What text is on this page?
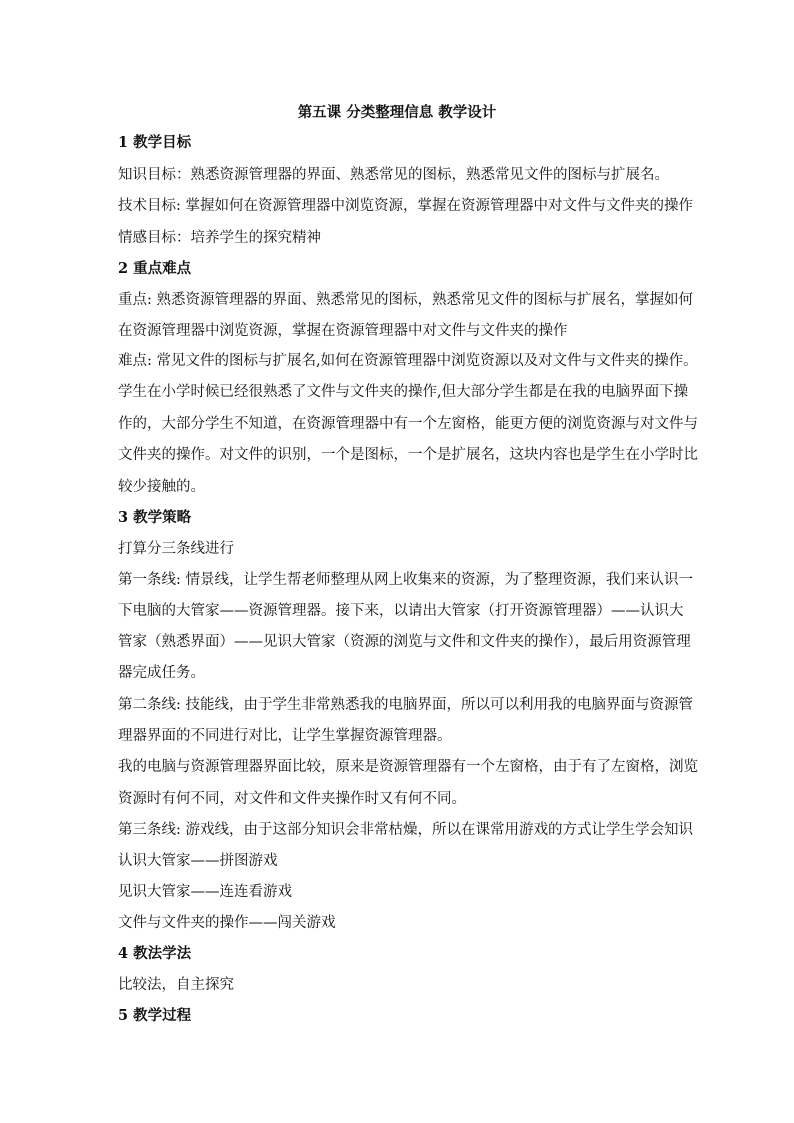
第五课 分类整理信息 教学设计
1 教学目标
知识目标：熟悉资源管理器的界面、熟悉常见的图标，熟悉常见文件的图标与扩展名。
技术目标: 掌握如何在资源管理器中浏览资源，掌握在资源管理器中对文件与文件夹的操作
情感目标：培养学生的探究精神
2 重点难点
重点: 熟悉资源管理器的界面、熟悉常见的图标，熟悉常见文件的图标与扩展名，掌握如何
在资源管理器中浏览资源，掌握在资源管理器中对文件与文件夹的操作
难点: 常见文件的图标与扩展名,如何在资源管理器中浏览资源以及对文件与文件夹的操作。
学生在小学时候已经很熟悉了文件与文件夹的操作,但大部分学生都是在我的电脑界面下操
作的，大部分学生不知道，在资源管理器中有一个左窗格，能更方便的浏览资源与对文件与
文件夹的操作。对文件的识别，一个是图标，一个是扩展名，这块内容也是学生在小学时比
较少接触的。
3 教学策略
打算分三条线进行
第一条线: 情景线，让学生帮老师整理从网上收集来的资源，为了整理资源，我们来认识一
下电脑的大管家——资源管理器。接下来，以请出大管家（打开资源管理器）——认识大
管家（熟悉界面）——见识大管家（资源的浏览与文件和文件夹的操作），最后用资源管理
器完成任务。
第二条线: 技能线，由于学生非常熟悉我的电脑界面，所以可以利用我的电脑界面与资源管
理器界面的不同进行对比，让学生掌握资源管理器。
我的电脑与资源管理器界面比较，原来是资源管理器有一个左窗格，由于有了左窗格，浏览
资源时有何不同，对文件和文件夹操作时又有何不同。
第三条线: 游戏线，由于这部分知识会非常枯燥，所以在课常用游戏的方式让学生学会知识
认识大管家——拼图游戏
见识大管家——连连看游戏
文件与文件夹的操作——闯关游戏
4 教法学法
比较法，自主探究
5 教学过程
